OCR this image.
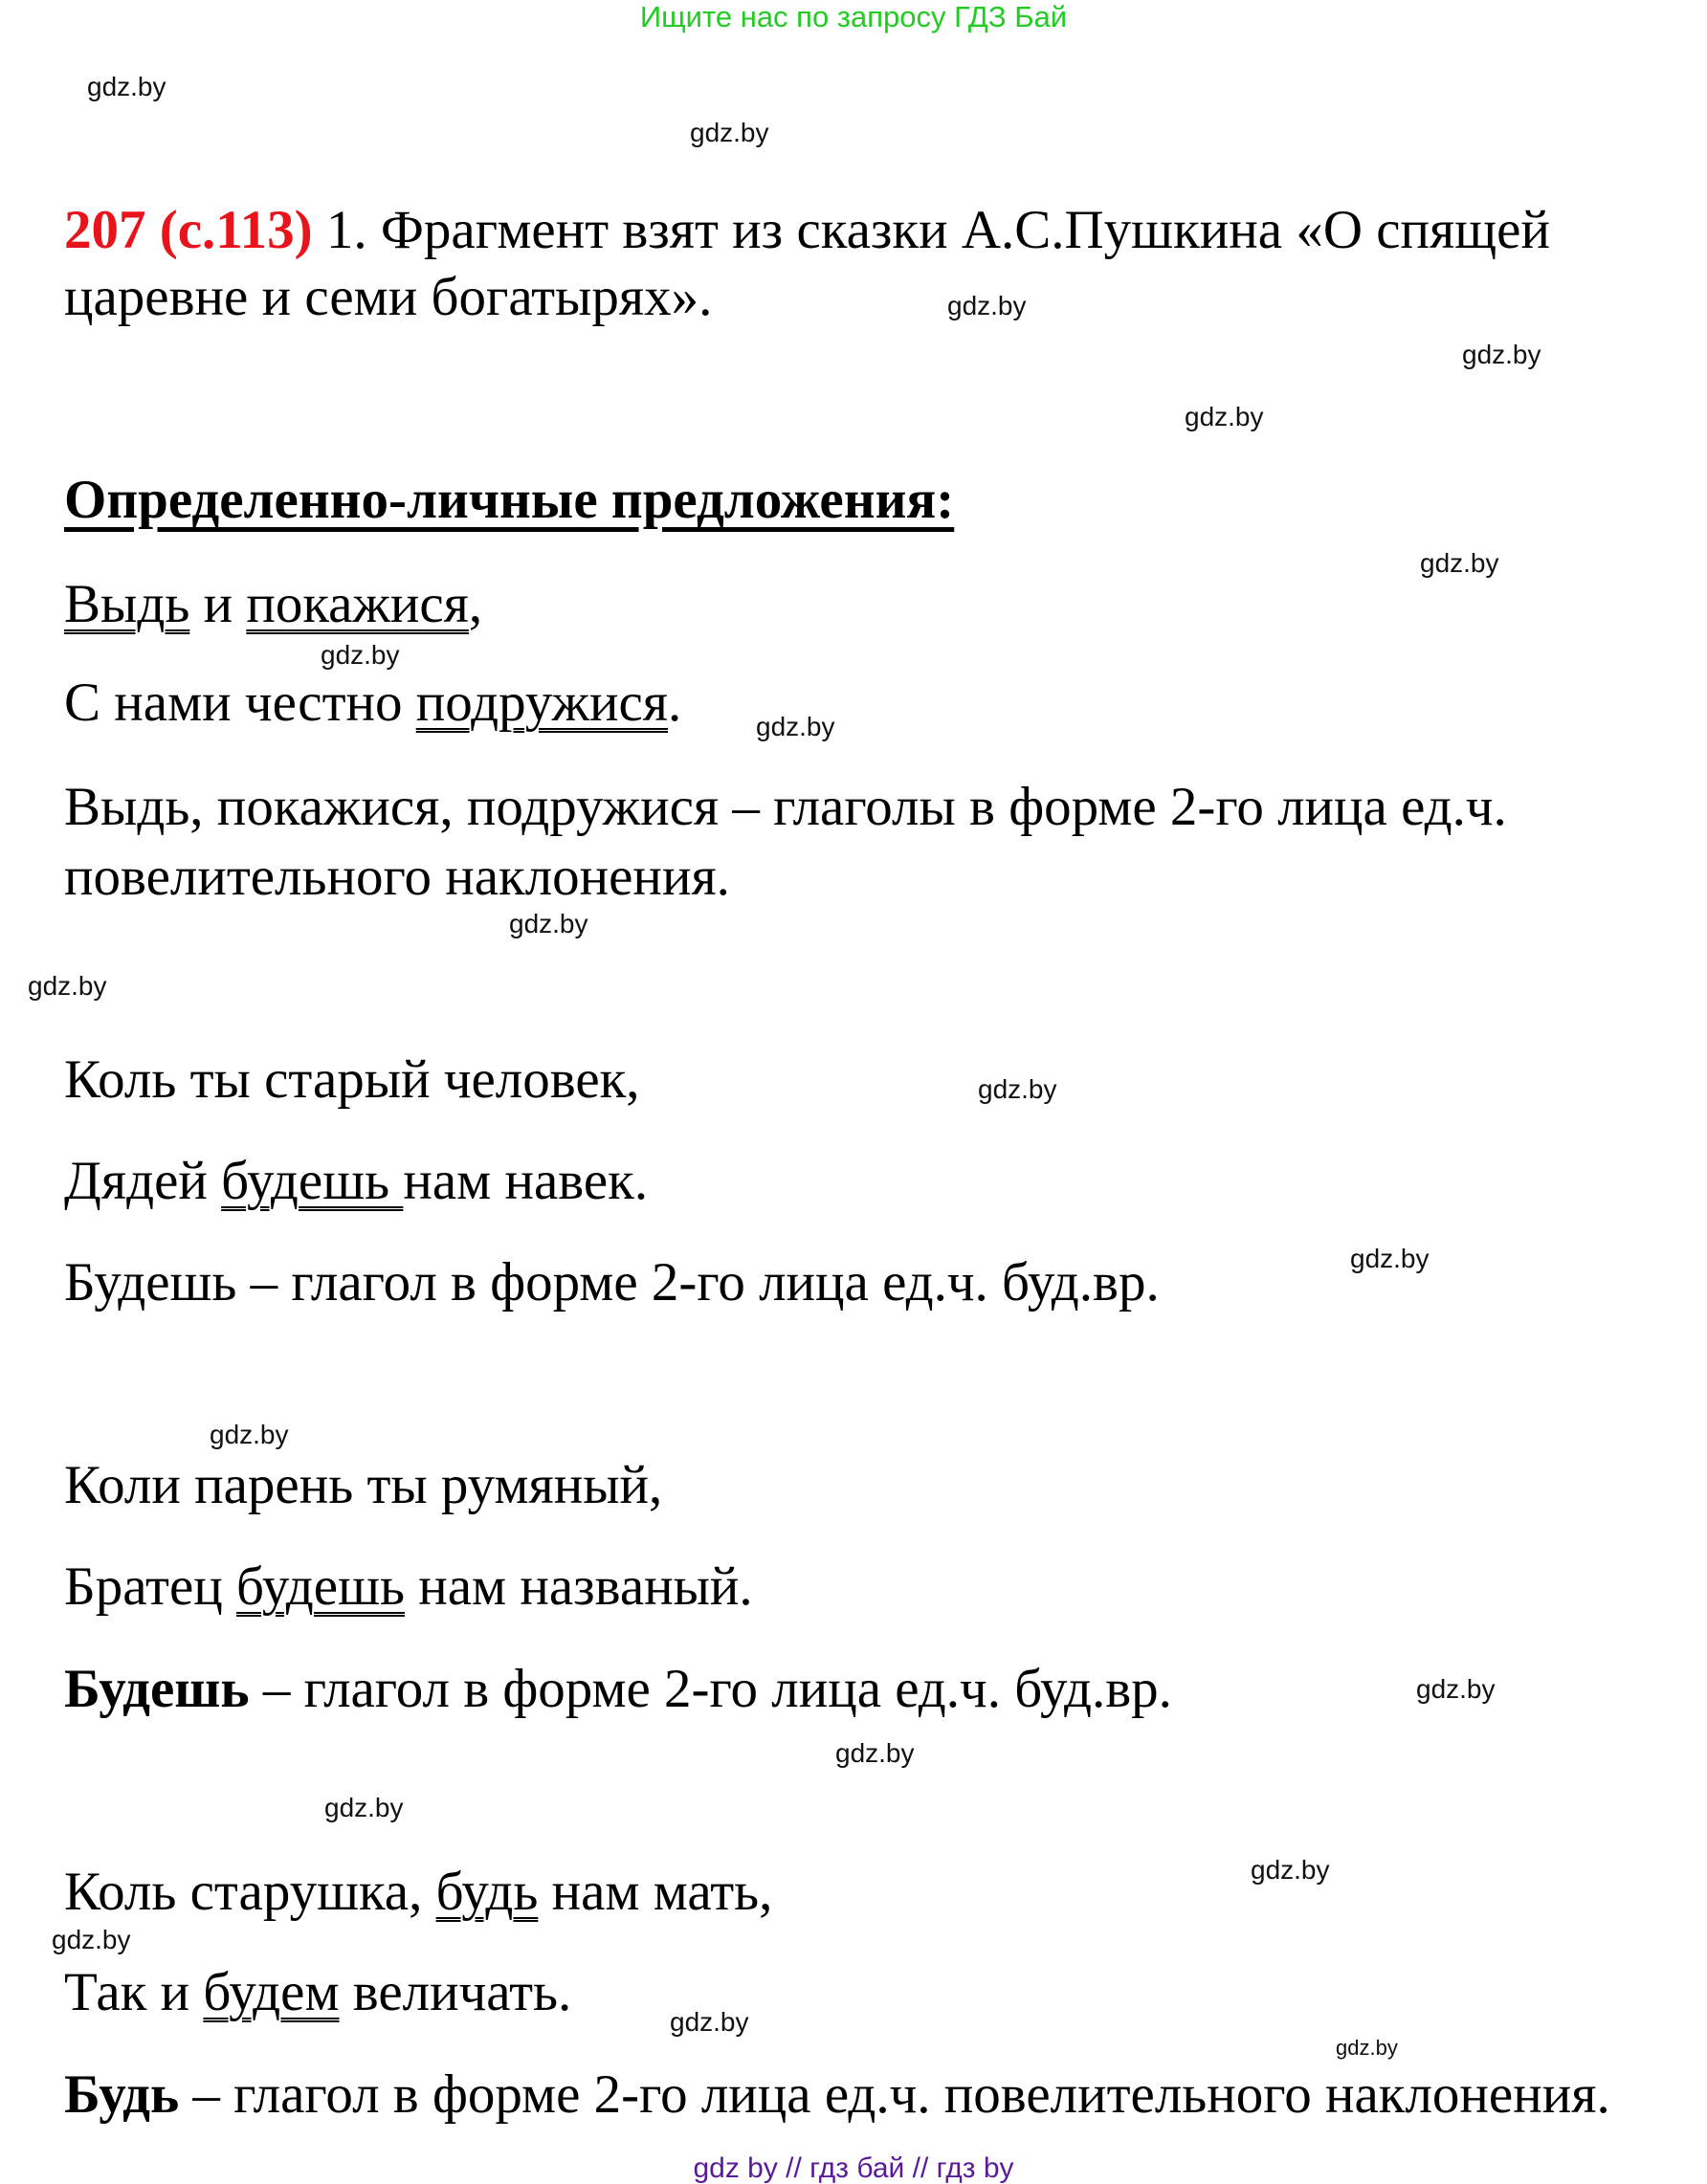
Ищите нас по запросу ГДЗ Бай
207 (с.113) 1. Фрагмент взят из сказки А.С.Пушкина «О спящей
царевне и семи богатырях».
Определенно-личные предложения:
Выдь и покажися,
С нами честно подружися.
Выдь, покажися, подружися – глаголы в форме 2-го лица ед.ч.
повелительного наклонения.
Коль ты старый человек,
Дядей будешь нам навек.
Будешь – глагол в форме 2-го лица ед.ч. буд.вр.
Коли парень ты румяный,
Братец будешь нам названый.
Будешь – глагол в форме 2-го лица ед.ч. буд.вр.
Коль старушка, будь нам мать,
Так и будем величать.
Будь – глагол в форме 2-го лица ед.ч. повелительного наклонения.
gdz by // гдз бай // гдз by
gdz.by
gdz.by
gdz.by
gdz.by
gdz.by
gdz.by
gdz.by
gdz.by
gdz.by
gdz.by
gdz.by
gdz.by
gdz.by
gdz.by
gdz.by
gdz.by
gdz.by
gdz.by
gdz.by
gdz.by
